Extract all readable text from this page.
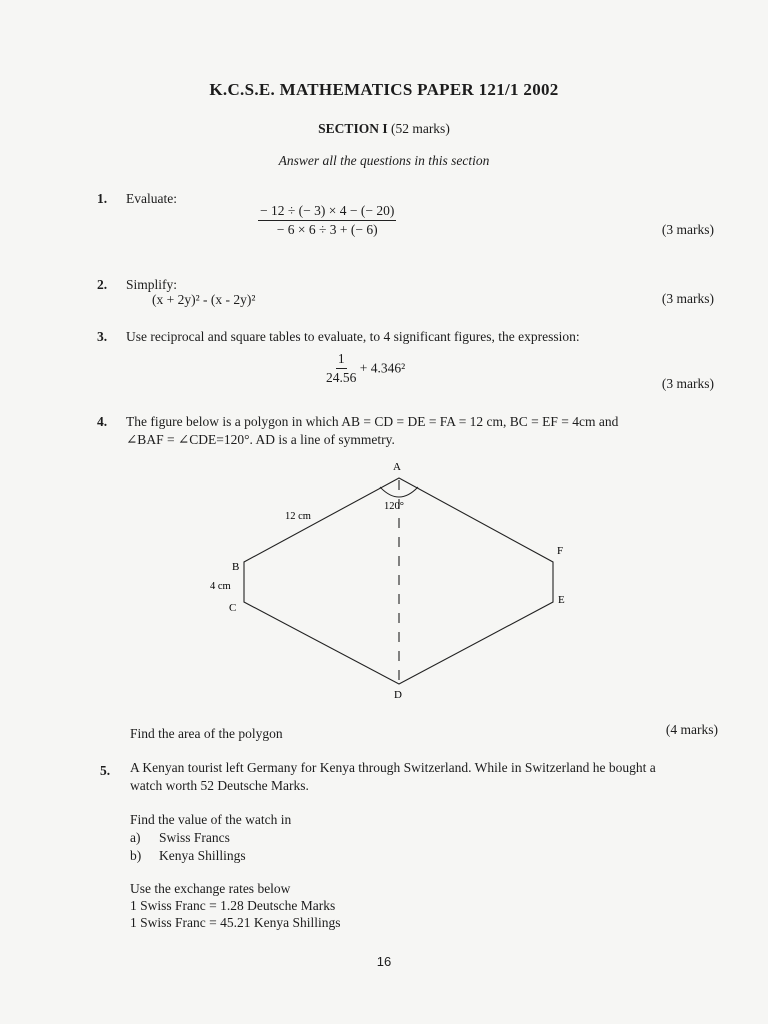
K.C.S.E. MATHEMATICS PAPER 121/1 2002
SECTION I (52 marks)
Answer all the questions in this section
1. Evaluate:
$\frac{- 12 \div (- 3) \times 4 - (- 20)}{- 6 \times 6 \div 3 + (- 6)}$	(3 marks)
2. Simplify:
(x + 2y)² - (x - 2y)²	(3 marks)
3. Use reciprocal and square tables to evaluate, to 4 significant figures, the expression:
$\frac{1}{24.56} + 4.346^2$
(3 marks)
4. The figure below is a polygon in which AB = CD = DE = FA = 12 cm, BC = EF = 4cm and
∠BAF = ∠CDE=120°. AD is a line of symmetry.
A
B
C
D
E
F
12 cm
4 cm
120°
Find the area of the polygon	(4 marks)
5. A Kenyan tourist left Germany for Kenya through Switzerland. While in Switzerland he bought a
watch worth 52 Deutsche Marks.
Find the value of the watch in
a) Swiss Francs
b) Kenya Shillings
Use the exchange rates below
1 Swiss Franc = 1.28 Deutsche Marks
1 Swiss Franc = 45.21 Kenya Shillings
16
